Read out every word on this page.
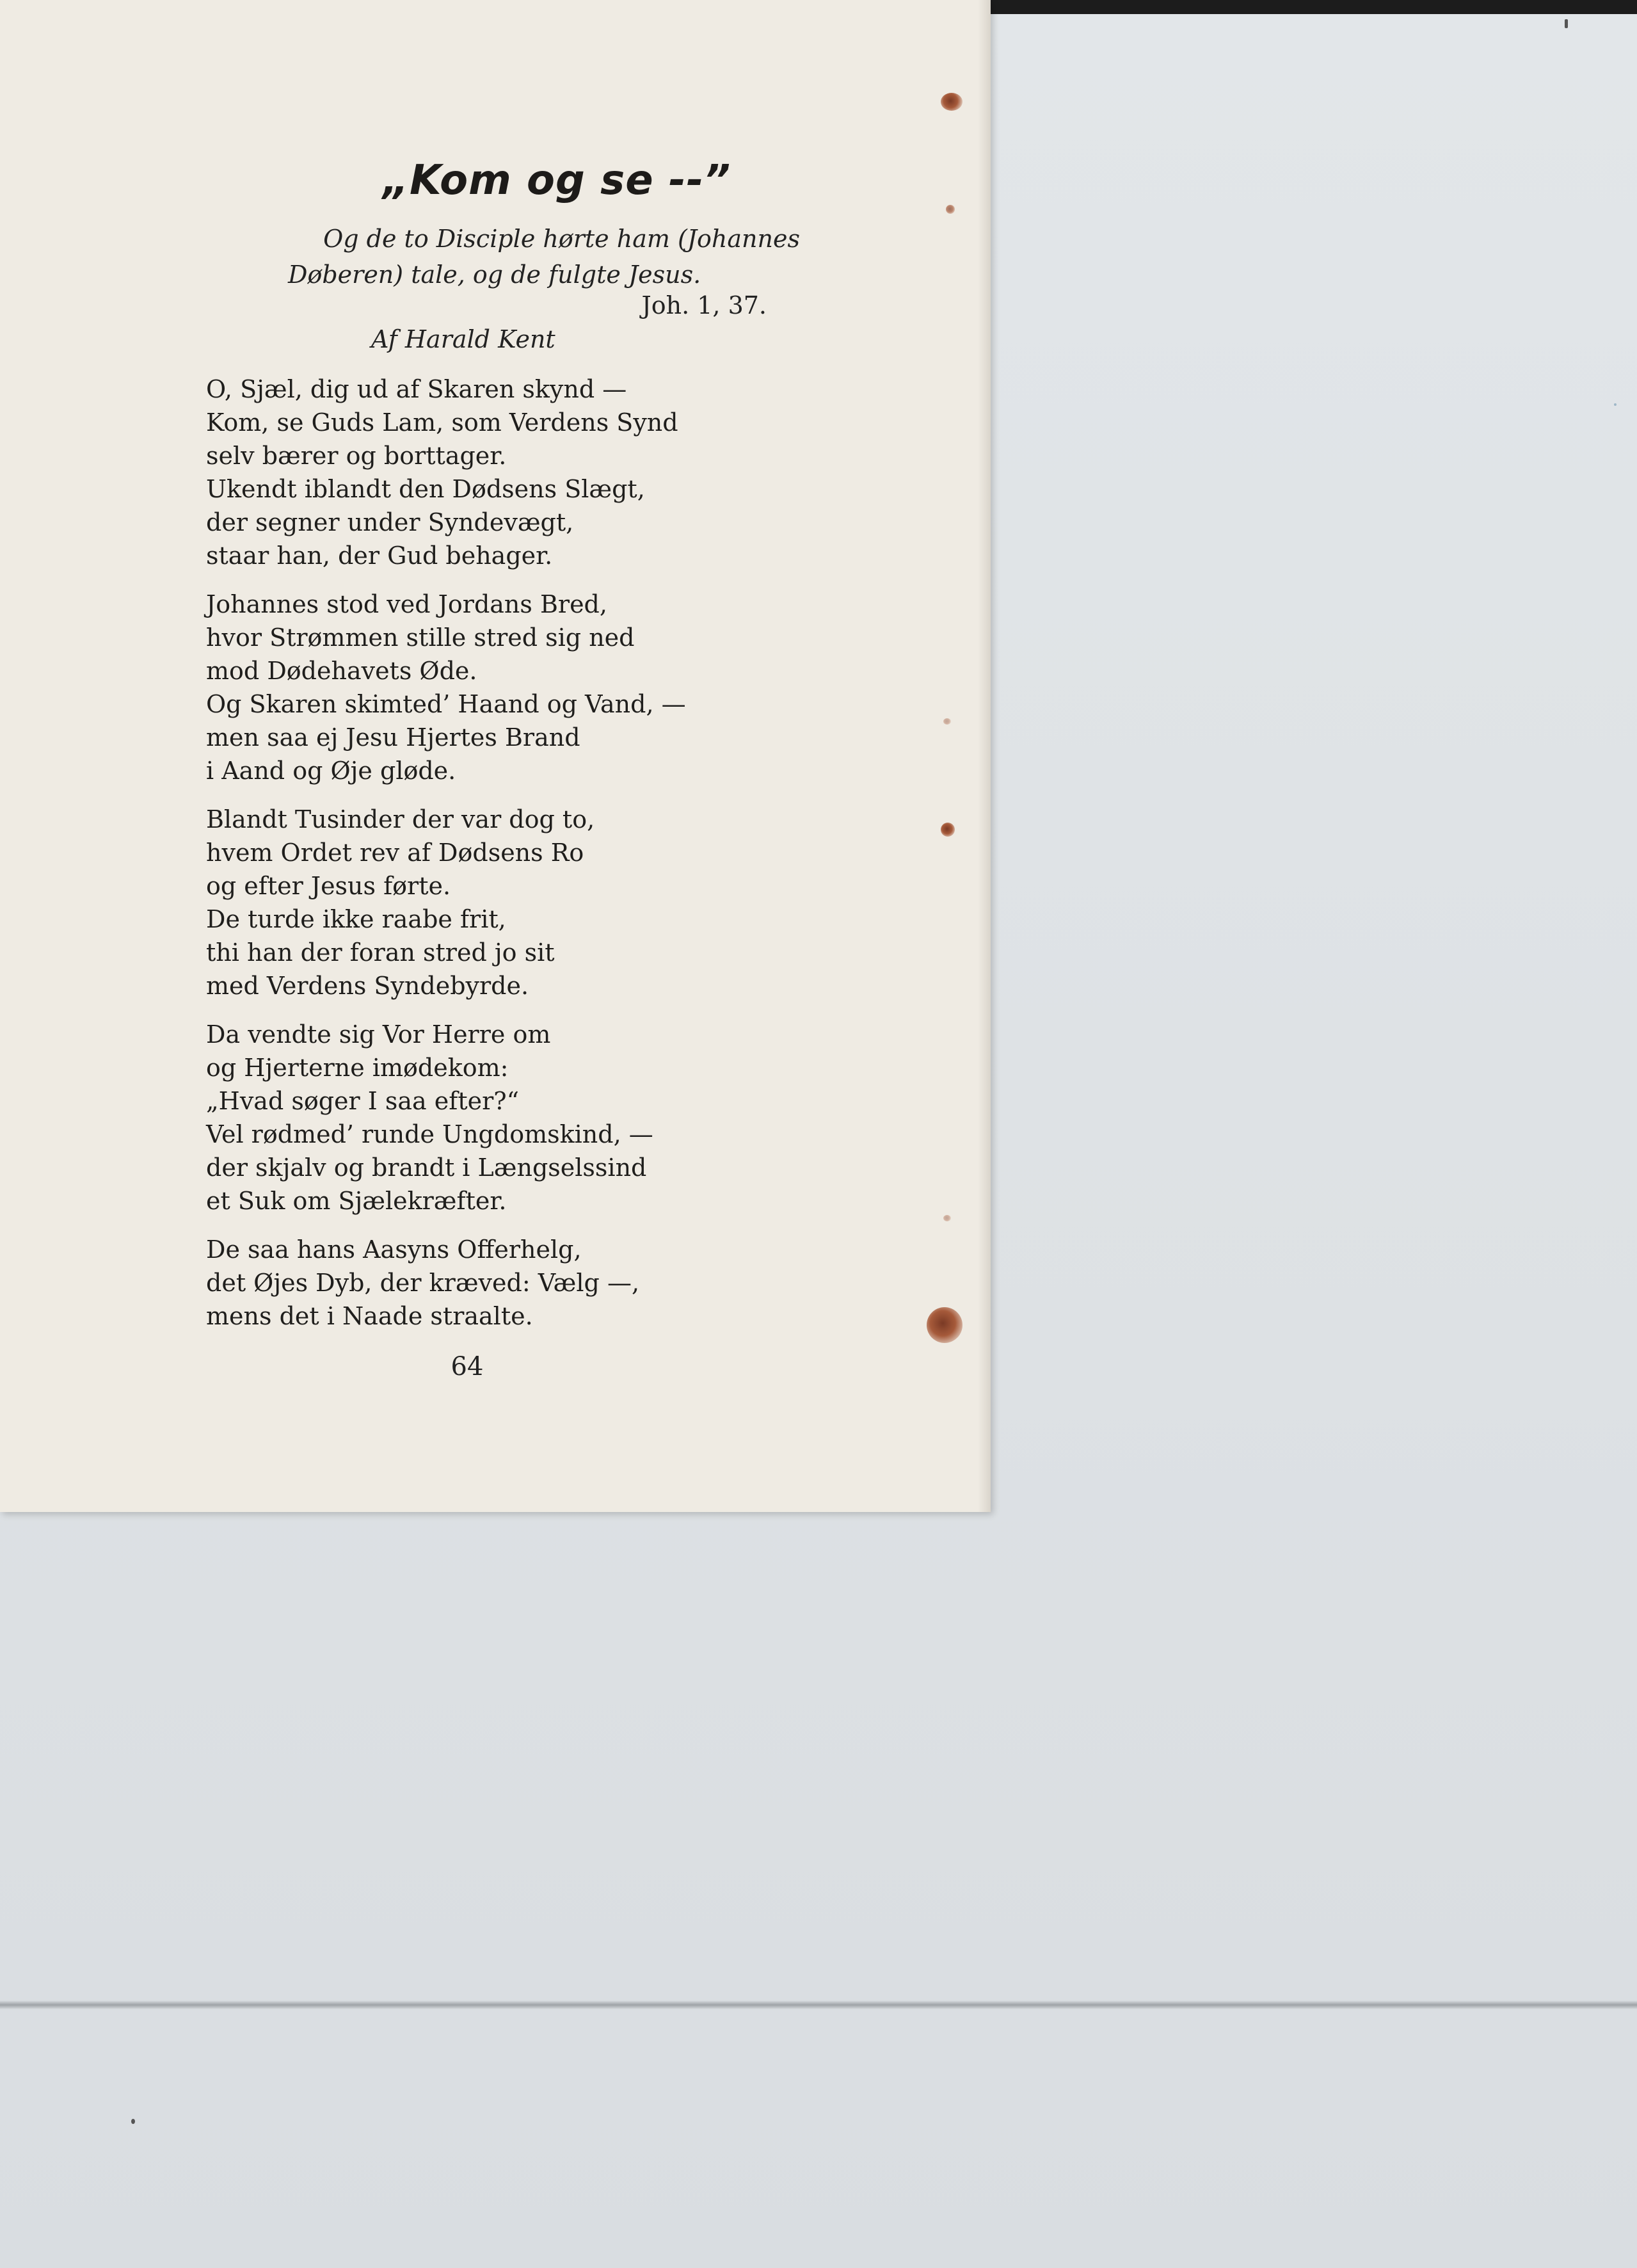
„Kom og se --”
Og de to Disciple hørte ham (Johannes
Døberen) tale, og de fulgte Jesus.
Joh. 1, 37.
Af Harald Kent
O, Sjæl, dig ud af Skaren skynd —
Kom, se Guds Lam, som Verdens Synd
selv bærer og borttager.
Ukendt iblandt den Dødsens Slægt,
der segner under Syndevægt,
staar han, der Gud behager.
Johannes stod ved Jordans Bred,
hvor Strømmen stille stred sig ned
mod Dødehavets Øde.
Og Skaren skimted’ Haand og Vand, —
men saa ej Jesu Hjertes Brand
i Aand og Øje gløde.
Blandt Tusinder der var dog to,
hvem Ordet rev af Dødsens Ro
og efter Jesus førte.
De turde ikke raabe frit,
thi han der foran stred jo sit
med Verdens Syndebyrde.
Da vendte sig Vor Herre om
og Hjerterne imødekom:
„Hvad søger I saa efter?“
Vel rødmed’ runde Ungdomskind, —
der skjalv og brandt i Længselssind
et Suk om Sjælekræfter.
De saa hans Aasyns Offerhelg,
det Øjes Dyb, der kræved: Vælg —,
mens det i Naade straalte.
64
